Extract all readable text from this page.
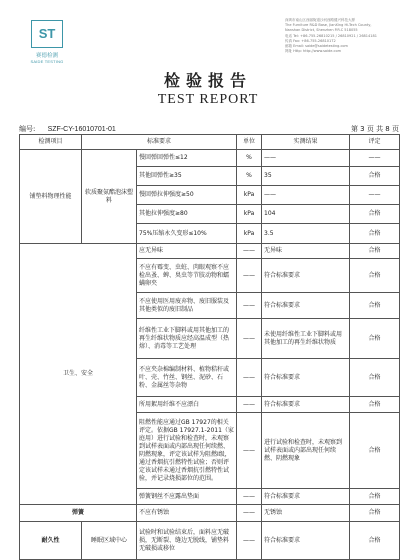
ST
赛德检测
SAIDE TESTING
深圳市南山区西丽街道沙河西路健兴科技大厦
The Furniture R&D Base, JianXing Hi-Tech County,
Nanshan District, Shenzhen P.R.C 518055
电话 Tel: +86-755-26810215 / 26810921 / 26814181
传真 Fax: +86-755-26810172
邮箱 Email: saide@saidetesting.com
网址 Http: http://www.saide.com
检验报告
TEST REPORT
编号: SZF-CY-16010701-01	第 3 页 共 8 页
检测项目	标准要求		单位	实测结果	评定
铺垫料物理性能	软质聚氨酯泡沫塑料	慢回弹回弹性≤12	%	——	——
		其他回弹性≥35	%	35	合格
		慢回弹拉伸强度≥50	kPa	——	——
		其他拉伸强度≥80	kPa	104	合格
		75%压缩永久变形≤10%	kPa	3.5	合格
卫生、安全		应无异味	——	无异味	合格
		不应有霉变、虫蛀、肉眼观察不应检出蚤、蜱、臭虫等节肢动物和蠕螨卵夹	——	符合标准要求	合格
		不应使用医用废弃物、废旧服装及其他类似的废旧制品	——	符合标准要求	合格
		纤维性工业下脚料或用其他加工的再生纤维状物质应经高温成型（热熔）、消毒等工艺处理	——	未使用纤维性工业下脚料或用其他加工的再生纤维状物质	合格
		不应夹杂棉编制材料、植物秸秆或叶、壳、竹丝、钢丝、泥砂、石粉、金属丝等杂物	——	符合标准要求	合格
		所用絮用纤维不应漂白	——	符合标准要求	合格
		阻燃性能应通过GB 17927的相关评定。依据GB 17927.1-2011（家庭用）进行试验和检查时，未观察到试样表面或内部出现任何续燃、阴燃现象，评定该试样为阻燃Ⅰ级，通过香烟抗引燃特性试验；否则评定该试样未通过香烟抗引燃特性试验，并记录烧损部位的范围。	——	进行试验和检查时，未观察到试样表面或内部出现任何续燃、阴燃现象	合格
		弹簧钢丝不应露出垫面	——	符合标准要求	合格
弹簧		不应有锈蚀	——	无锈蚀	合格
耐久性	睡眠区域中心	试验时和试验结束后，面料应无破损，无断裂、缝边无脱线，铺垫料无破损或移位	——	符合标准要求	合格
